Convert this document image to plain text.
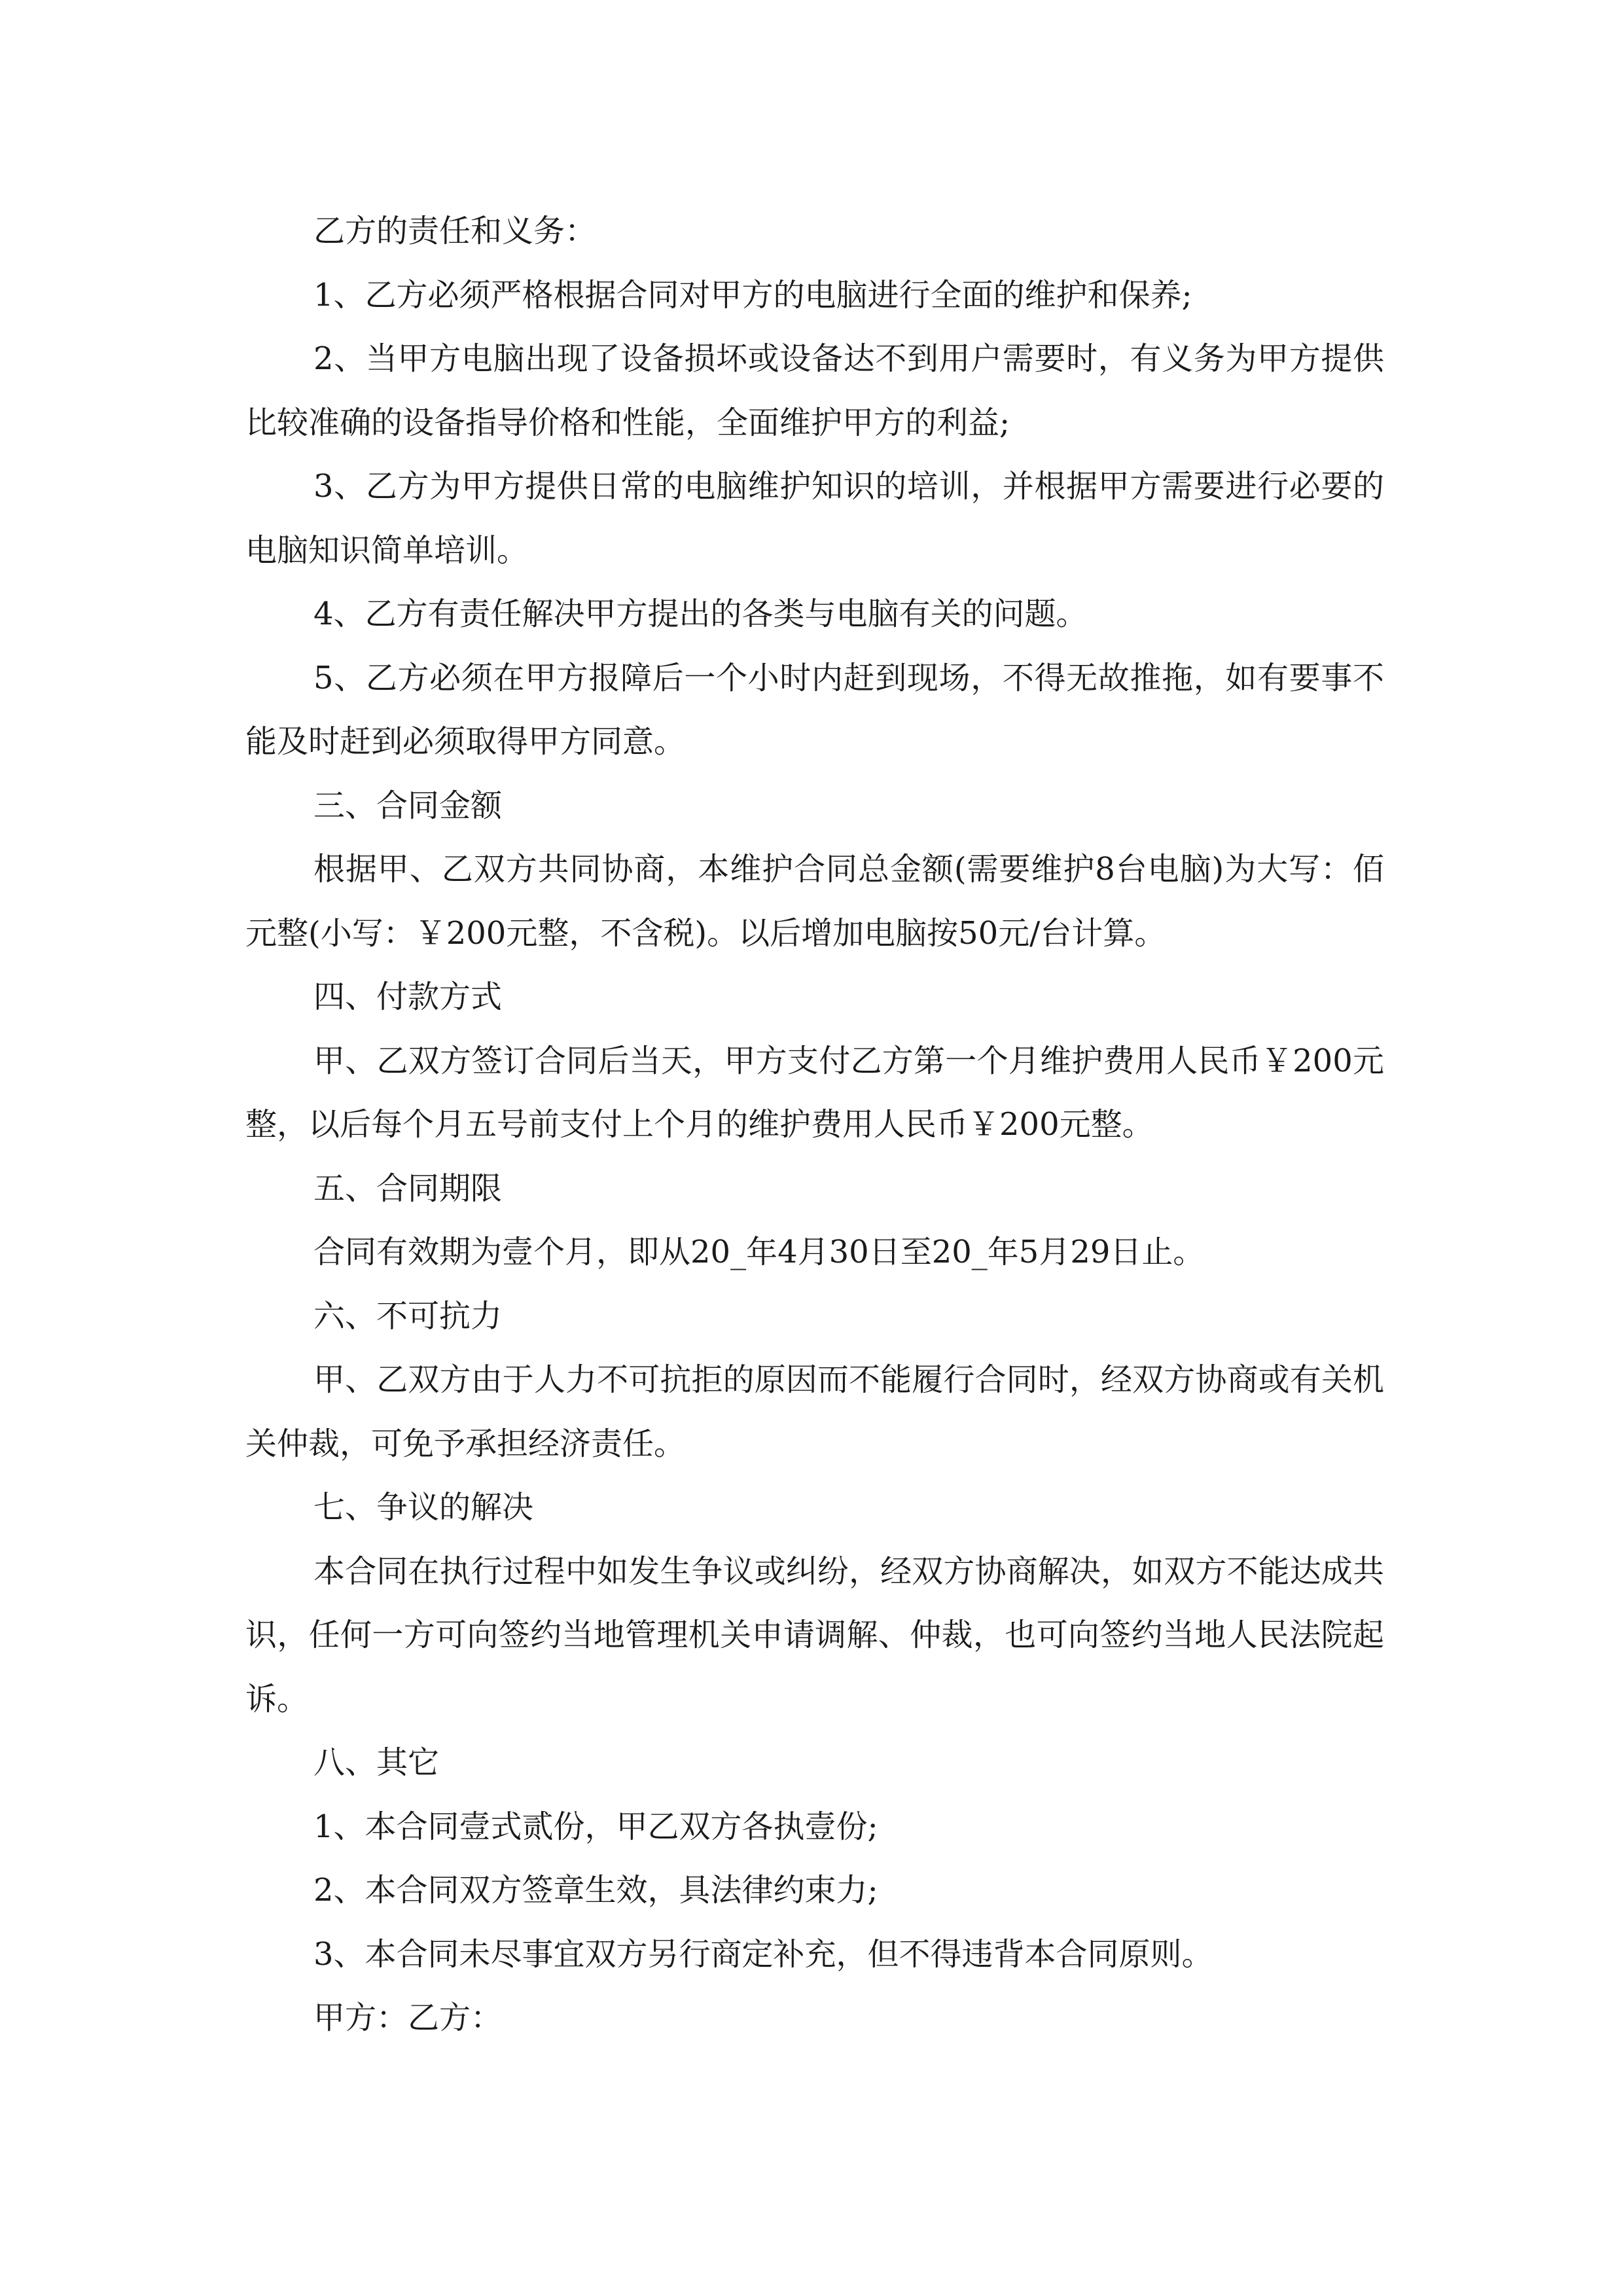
乙方的责任和义务：

1、乙方必须严格根据合同对甲方的电脑进行全面的维护和保养;

2、当甲方电脑出现了设备损坏或设备达不到用户需要时，有义务为甲方提供比较准确的设备指导价格和性能，全面维护甲方的利益;

3、乙方为甲方提供日常的电脑维护知识的培训，并根据甲方需要进行必要的电脑知识简单培训。

4、乙方有责任解决甲方提出的各类与电脑有关的问题。

5、乙方必须在甲方报障后一个小时内赶到现场，不得无故推拖，如有要事不能及时赶到必须取得甲方同意。

三、合同金额

根据甲、乙双方共同协商，本维护合同总金额(需要维护8台电脑)为大写：佰元整(小写：￥200元整，不含税)。以后增加电脑按50元/台计算。

四、付款方式

甲、乙双方签订合同后当天，甲方支付乙方第一个月维护费用人民币￥200元整，以后每个月五号前支付上个月的维护费用人民币￥200元整。

五、合同期限

合同有效期为壹个月，即从20_年4月30日至20_年5月29日止。

六、不可抗力

甲、乙双方由于人力不可抗拒的原因而不能履行合同时，经双方协商或有关机关仲裁，可免予承担经济责任。

七、争议的解决

本合同在执行过程中如发生争议或纠纷，经双方协商解决，如双方不能达成共识，任何一方可向签约当地管理机关申请调解、仲裁，也可向签约当地人民法院起诉。

八、其它

1、本合同壹式贰份，甲乙双方各执壹份;

2、本合同双方签章生效，具法律约束力;

3、本合同未尽事宜双方另行商定补充，但不得违背本合同原则。

甲方：乙方：
